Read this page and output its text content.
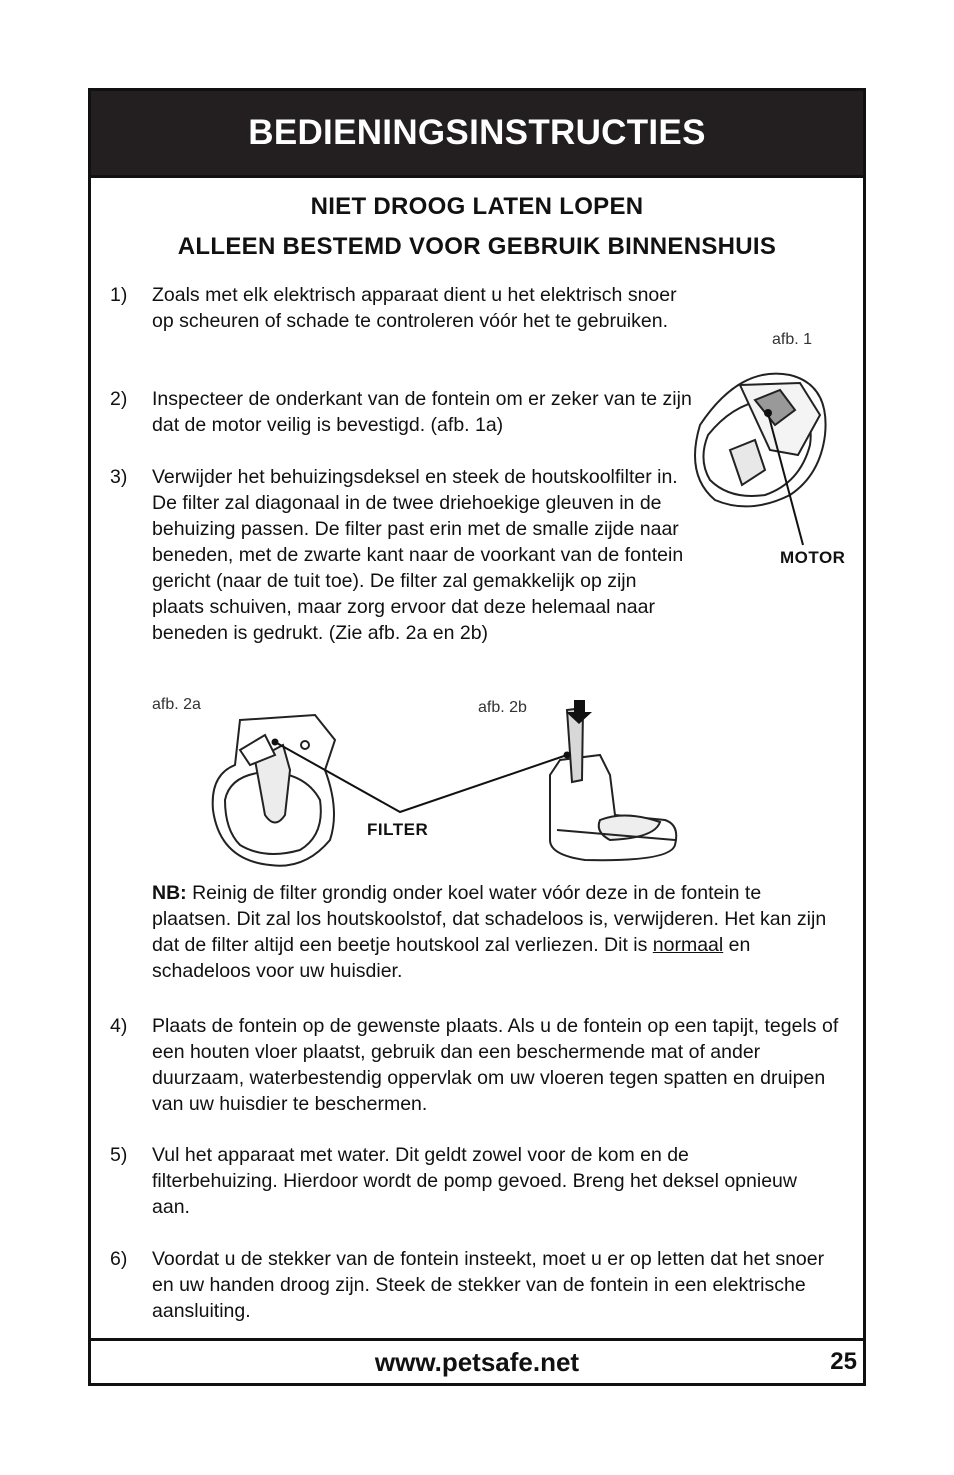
BEDIENINGSINSTRUCTIES
www.petsafe.net	25
NIET DROOG LATEN LOPEN
ALLEEN BESTEMD VOOR GEBRUIK BINNENSHUIS
1) Zoals met elk elektrisch apparaat dient u het elektrisch snoer op scheuren of schade te controleren vóór het te gebruiken.

2) Inspecteer de onderkant van de fontein om er zeker van te zijn dat de motor veilig is bevestigd. (afb. 1a)

3) Verwijder het behuizingsdeksel en steek de houtskoolfilter in. De filter zal diagonaal in de twee driehoekige gleuven in de behuizing passen. De filter past erin met de smalle zijde naar beneden, met de zwarte kant naar de voorkant van de fontein gericht (naar de tuit toe). De filter zal gemakkelijk op zijn plaats schuiven, maar zorg ervoor dat deze helemaal naar beneden is gedrukt. (Zie afb. 2a en 2b)

afb. 1
MOTOR
afb. 2a	afb. 2b
FILTER

NB: Reinig de filter grondig onder koel water vóór deze in de fontein te plaatsen. Dit zal los houtskoolstof, dat schadeloos is, verwijderen. Het kan zijn dat de filter altijd een beetje houtskool zal verliezen. Dit is normaal en schadeloos voor uw huisdier.

4) Plaats de fontein op de gewenste plaats. Als u de fontein op een tapijt, tegels of een houten vloer plaatst, gebruik dan een beschermende mat of ander duurzaam, waterbestendig oppervlak om uw vloeren tegen spatten en druipen van uw huisdier te beschermen.

5) Vul het apparaat met water. Dit geldt zowel voor de kom en de filterbehuizing. Hierdoor wordt de pomp gevoed. Breng het deksel opnieuw aan.

6) Voordat u de stekker van de fontein insteekt, moet u er op letten dat het snoer en uw handen droog zijn. Steek de stekker van de fontein in een elektrische aansluiting.
